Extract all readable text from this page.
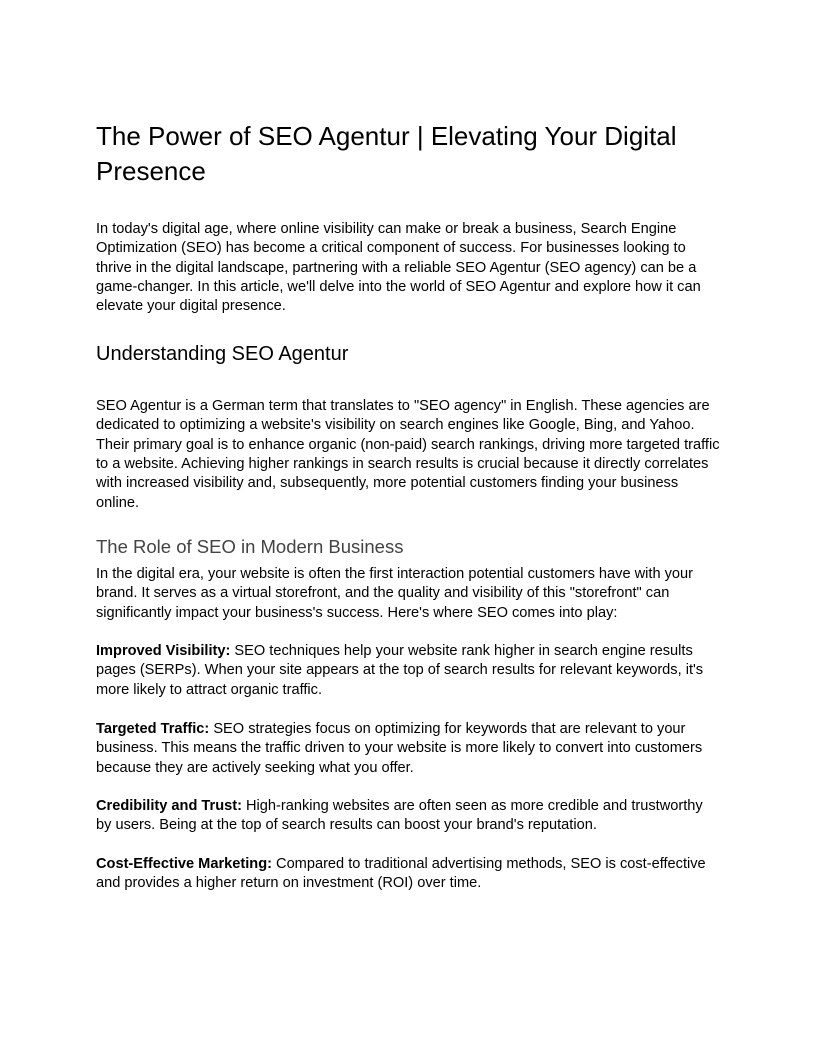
The Power of SEO Agentur | Elevating Your Digital Presence

In today's digital age, where online visibility can make or break a business, Search Engine Optimization (SEO) has become a critical component of success. For businesses looking to thrive in the digital landscape, partnering with a reliable SEO Agentur (SEO agency) can be a game-changer. In this article, we'll delve into the world of SEO Agentur and explore how it can elevate your digital presence.

Understanding SEO Agentur

SEO Agentur is a German term that translates to "SEO agency" in English. These agencies are dedicated to optimizing a website's visibility on search engines like Google, Bing, and Yahoo. Their primary goal is to enhance organic (non-paid) search rankings, driving more targeted traffic to a website. Achieving higher rankings in search results is crucial because it directly correlates with increased visibility and, subsequently, more potential customers finding your business online.

The Role of SEO in Modern Business

In the digital era, your website is often the first interaction potential customers have with your brand. It serves as a virtual storefront, and the quality and visibility of this "storefront" can significantly impact your business's success. Here's where SEO comes into play:

Improved Visibility: SEO techniques help your website rank higher in search engine results pages (SERPs). When your site appears at the top of search results for relevant keywords, it's more likely to attract organic traffic.

Targeted Traffic: SEO strategies focus on optimizing for keywords that are relevant to your business. This means the traffic driven to your website is more likely to convert into customers because they are actively seeking what you offer.

Credibility and Trust: High-ranking websites are often seen as more credible and trustworthy by users. Being at the top of search results can boost your brand's reputation.

Cost-Effective Marketing: Compared to traditional advertising methods, SEO is cost-effective and provides a higher return on investment (ROI) over time.
